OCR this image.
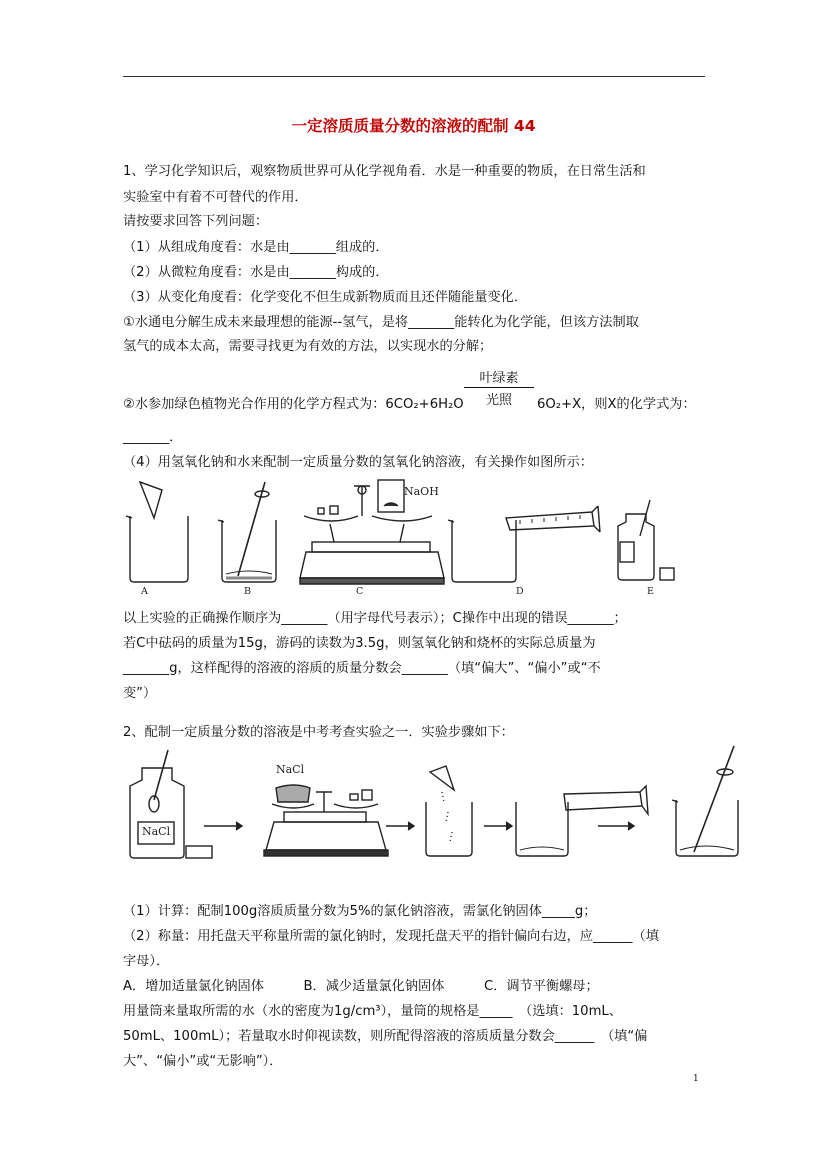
一定溶质质量分数的溶液的配制 44
1、学习化学知识后，观察物质世界可从化学视角看．水是一种重要的物质，在日常生活和
实验室中有着不可替代的作用．
请按要求回答下列问题：
（1）从组成角度看：水是由_______组成的．
（2）从微粒角度看：水是由_______构成的．
（3）从变化角度看：化学变化不但生成新物质而且还伴随能量变化．
①水通电分解生成未来最理想的能源--氢气，是将_______能转化为化学能，但该方法制取
氢气的成本太高，需要寻找更为有效的方法，以实现水的分解；
②水参加绿色植物光合作用的化学方程式为：6CO₂+6H₂O
叶绿素
光照	6O₂+X，则X的化学式为：
_______．
（4）用氢氧化钠和水来配制一定质量分数的氢氧化钠溶液，有关操作如图所示：
A	B	C	D	E
NaOH
以上实验的正确操作顺序为_______（用字母代号表示）；C操作中出现的错误_______；
若C中砝码的质量为15g，游码的读数为3.5g，则氢氧化钠和烧杯的实际总质量为
_______g，这样配得的溶液的溶质的质量分数会_______（填“偏大”、“偏小”或“不
变”）
2、配制一定质量分数的溶液是中考考查实验之一．实验步骤如下：
NaCl
NaCl
（1）计算：配制100g溶质质量分数为5%的氯化钠溶液，需氯化钠固体_____g；
（2）称量：用托盘天平称量所需的氯化钠时，发现托盘天平的指针偏向右边，应______（填
字母）．
A．增加适量氯化钠固体　　　B．减少适量氯化钠固体　　　C．调节平衡螺母；
用量筒来量取所需的水（水的密度为1g/cm³），量筒的规格是_____　（选填：10mL、
50mL、100mL）；若量取水时仰视读数，则所配得溶液的溶质质量分数会______　（填“偏
大”、“偏小”或“无影响”）．
1
